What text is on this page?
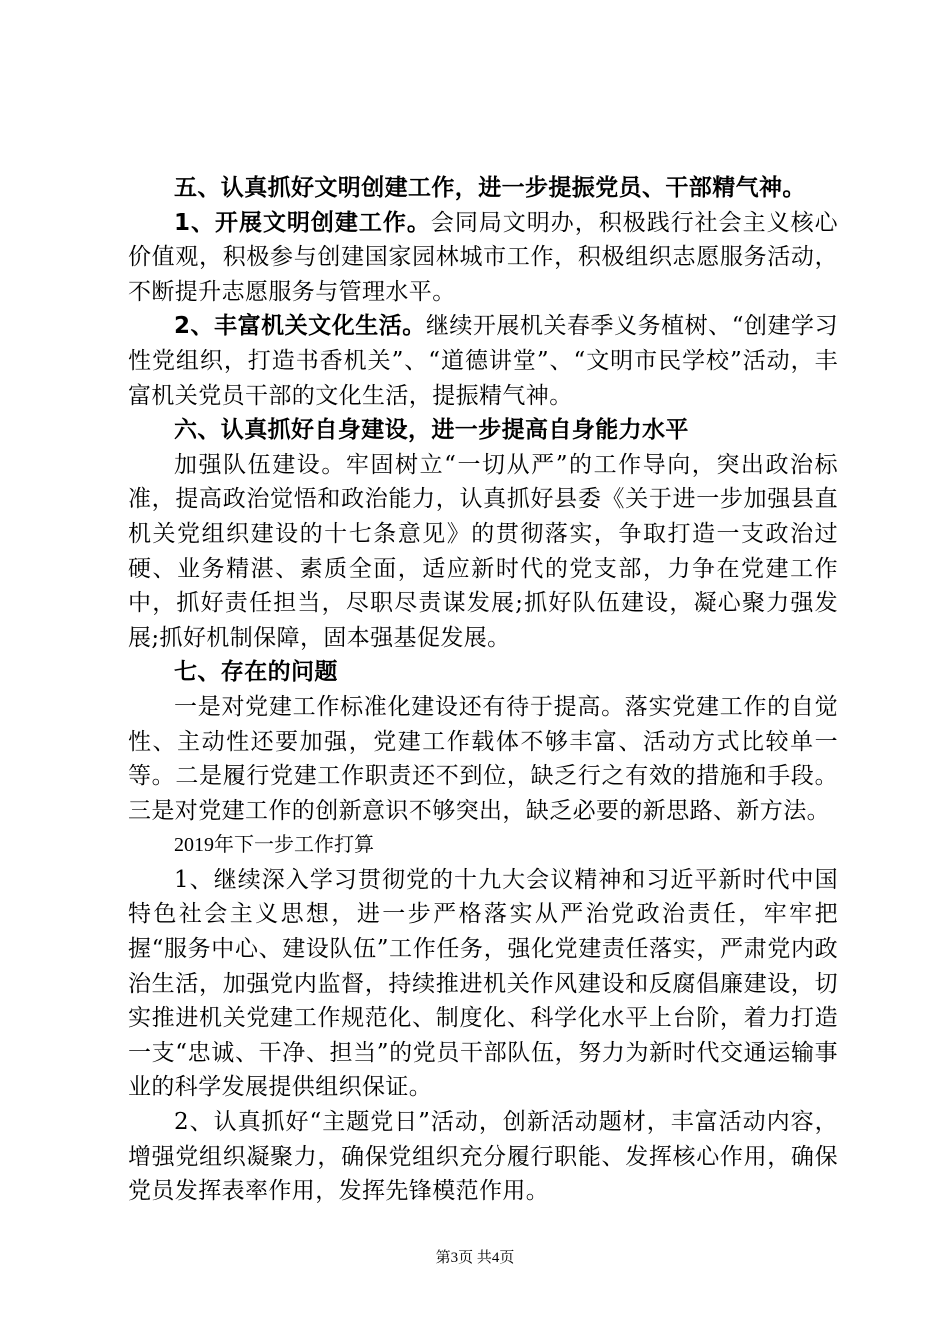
五、认真抓好文明创建工作，进一步提振党员、干部精气神。

1、开展文明创建工作。会同局文明办，积极践行社会主义核心价值观，积极参与创建国家园林城市工作，积极组织志愿服务活动，不断提升志愿服务与管理水平。

2、丰富机关文化生活。继续开展机关春季义务植树、“创建学习性党组织，打造书香机关”、“道德讲堂”、“文明市民学校”活动，丰富机关党员干部的文化生活，提振精气神。

六、认真抓好自身建设，进一步提高自身能力水平

加强队伍建设。牢固树立“一切从严”的工作导向，突出政治标准，提高政治觉悟和政治能力，认真抓好县委《关于进一步加强县直机关党组织建设的十七条意见》的贯彻落实，争取打造一支政治过硬、业务精湛、素质全面，适应新时代的党支部，力争在党建工作中，抓好责任担当，尽职尽责谋发展;抓好队伍建设，凝心聚力强发展;抓好机制保障，固本强基促发展。

七、存在的问题

一是对党建工作标准化建设还有待于提高。落实党建工作的自觉性、主动性还要加强，党建工作载体不够丰富、活动方式比较单一等。二是履行党建工作职责还不到位，缺乏行之有效的措施和手段。三是对党建工作的创新意识不够突出，缺乏必要的新思路、新方法。

2019年下一步工作打算

1、继续深入学习贯彻党的十九大会议精神和习近平新时代中国特色社会主义思想，进一步严格落实从严治党政治责任，牢牢把握“服务中心、建设队伍”工作任务，强化党建责任落实，严肃党内政治生活，加强党内监督，持续推进机关作风建设和反腐倡廉建设，切实推进机关党建工作规范化、制度化、科学化水平上台阶，着力打造一支“忠诚、干净、担当”的党员干部队伍，努力为新时代交通运输事业的科学发展提供组织保证。

2、认真抓好“主题党日”活动，创新活动题材，丰富活动内容，增强党组织凝聚力，确保党组织充分履行职能、发挥核心作用，确保党员发挥表率作用，发挥先锋模范作用。

第3页 共4页
